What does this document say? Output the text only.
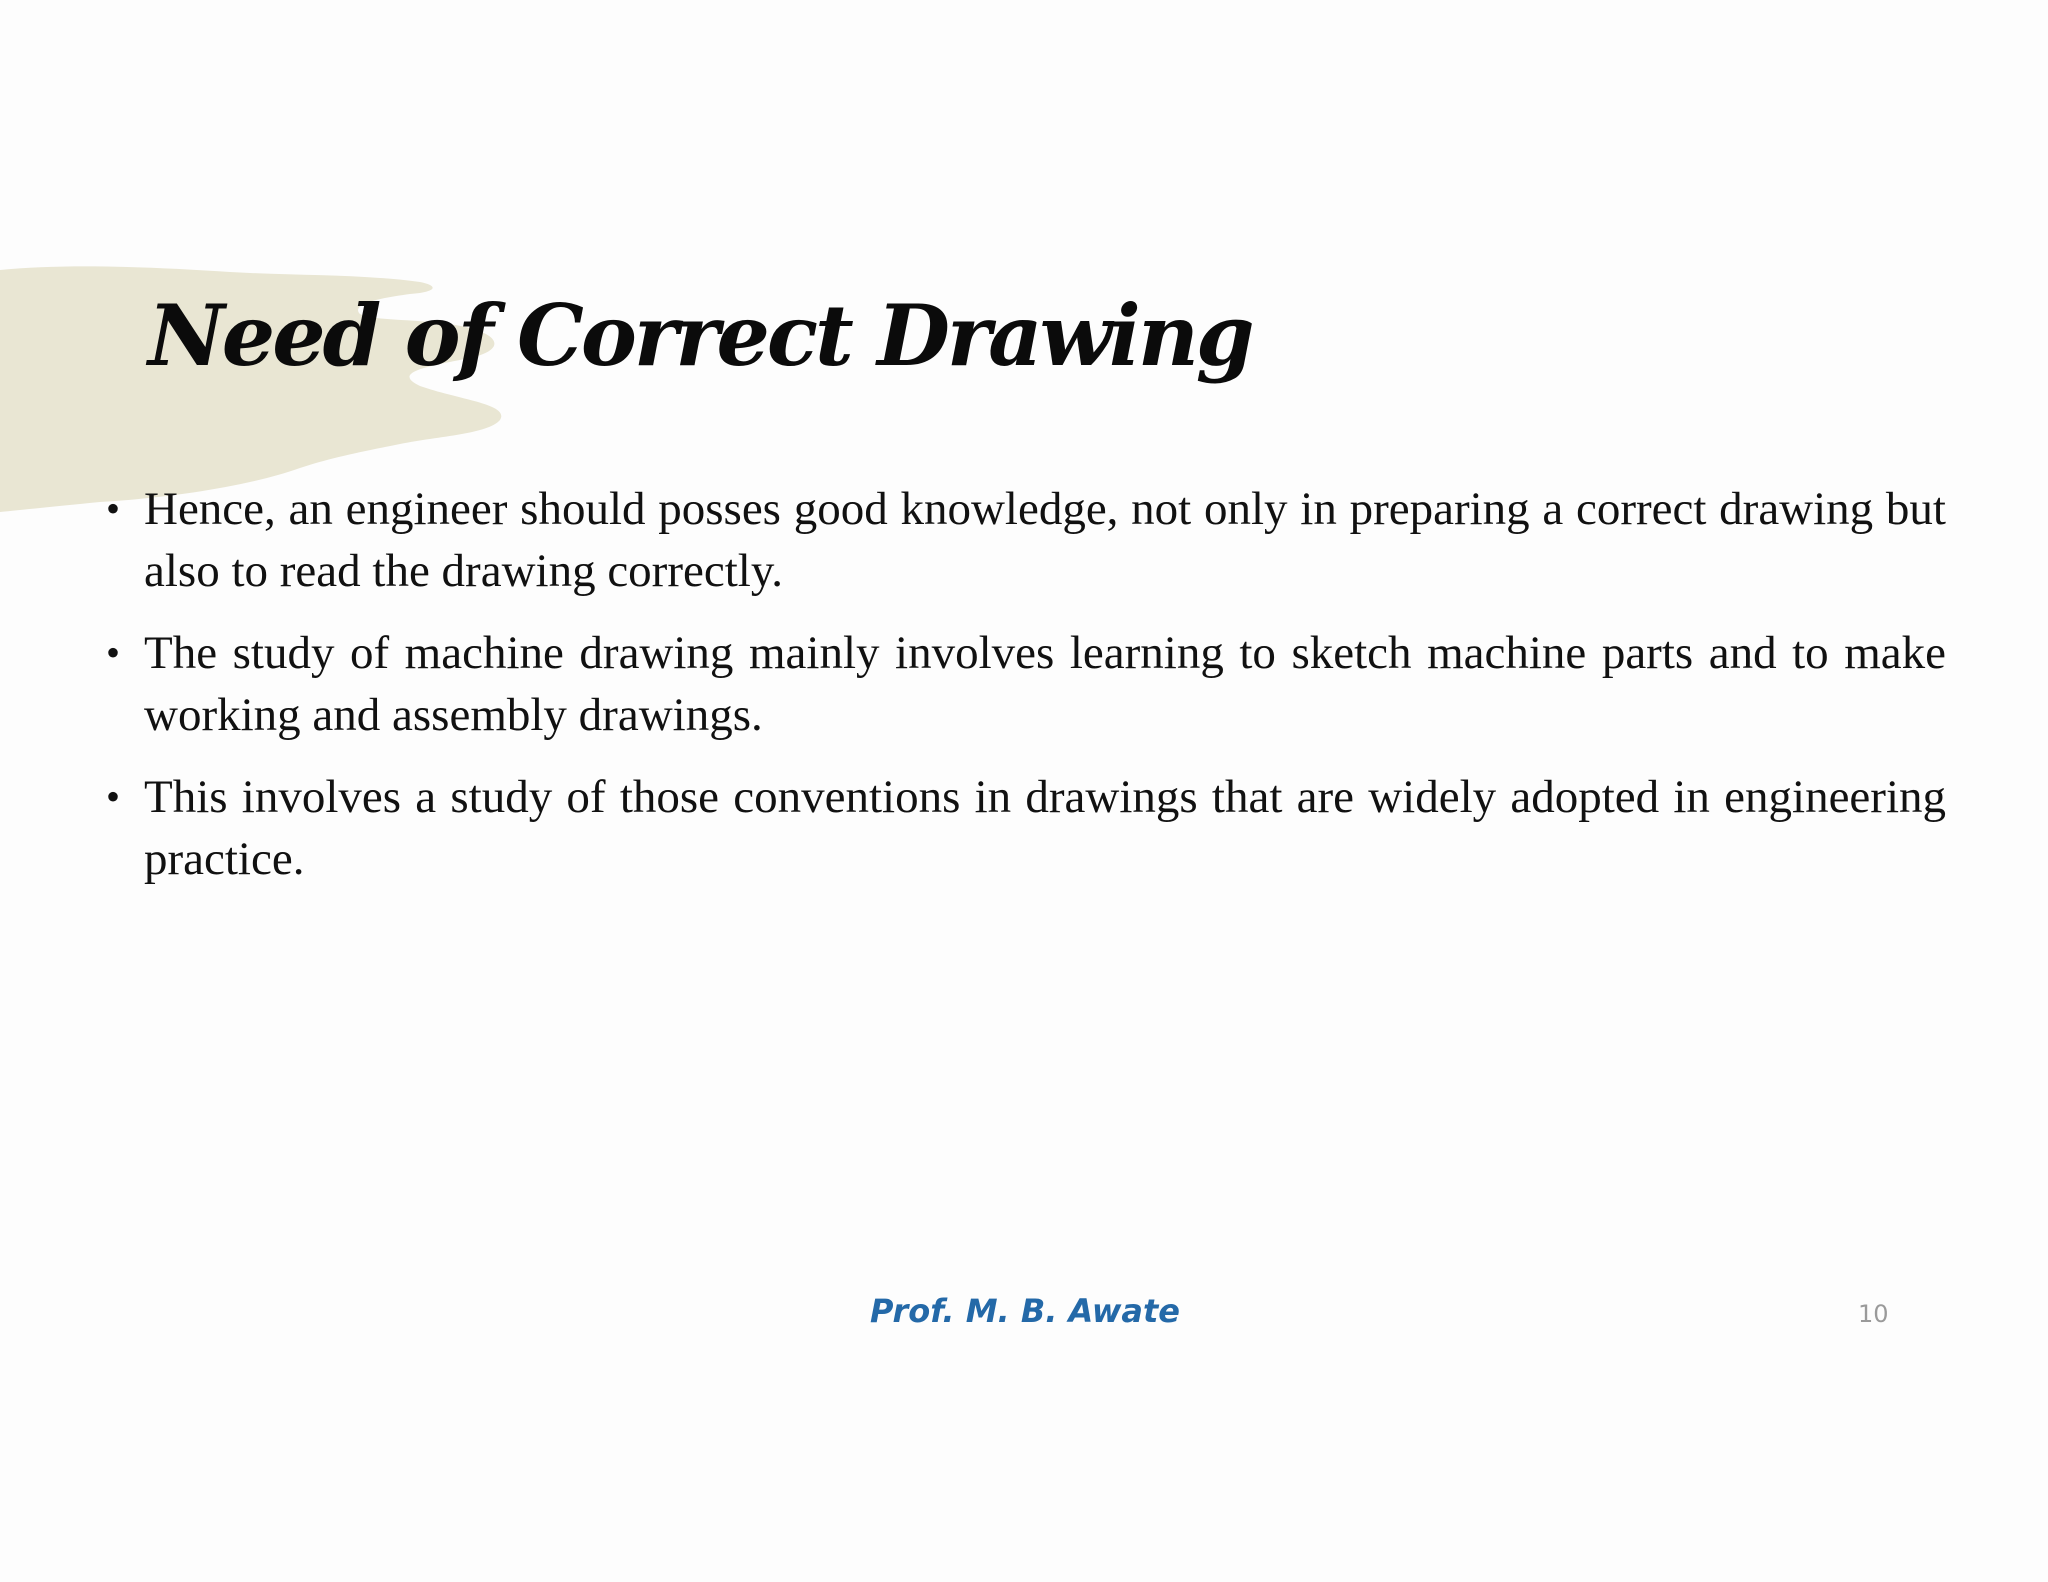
Need of Correct Drawing
• Hence, an engineer should posses good knowledge, not only in preparing a correct drawing but also to read the drawing correctly.
• The study of machine drawing mainly involves learning to sketch machine parts and to make working and assembly drawings.
• This involves a study of those conventions in drawings that are widely adopted in engineering practice.
Prof. M. B. Awate	10
